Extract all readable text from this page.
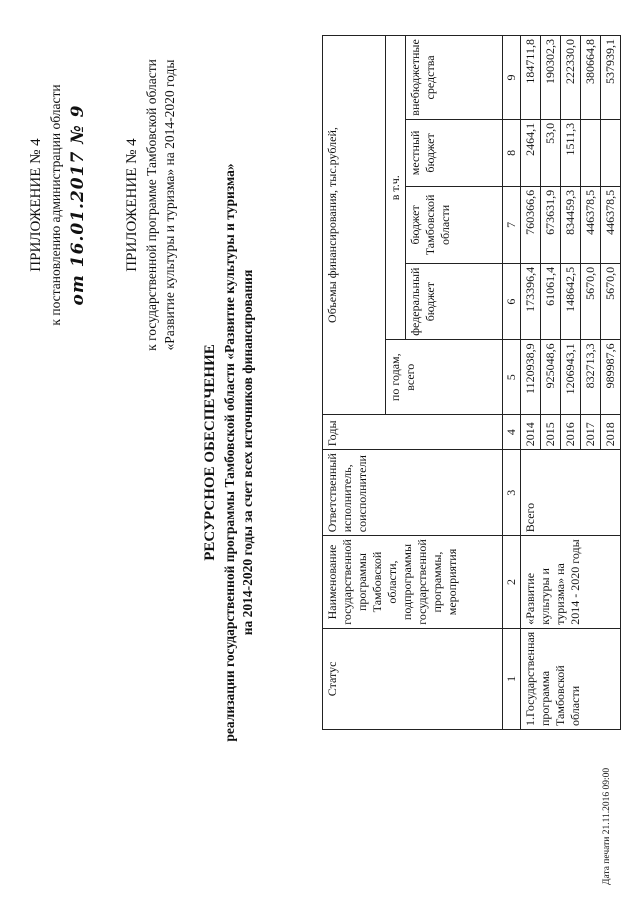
ПРИЛОЖЕНИЕ № 4 к постановлению администрации области от 16.01.2017 № 9 ПРИЛОЖЕНИЕ № 4 к государственной программе Тамбовской области «Развитие культуры и туризма» на 2014-2020 годы
РЕСУРСНОЕ ОБЕСПЕЧЕНИЕ реализации государственной программы Тамбовской области «Развитие культуры и туризма» на 2014-2020 годы за счет всех источников финансирования
Статус	Наименование государственной программы Тамбовской области, подпрограммы государственной программы, мероприятия	Ответственный исполнитель, соисполнители	Годы	Объемы финансирования, тыс.рублей,				

				по годам, всего	в т.ч.			
					федеральный бюджет	бюджет Тамбовской области	местный бюджет	внебюджетные средства
1	2	3	4	5	6	7	8	9
1.Государственная программа Тамбовской области	«Развитие культуры и туризма» на 2014 - 2020 годы	Всего	2014	1120938,9	173396,4	760366,6	2464,1	184711,8
			2015	925048,6	61061,4	673631,9	53,0	190302,3
			2016	1206943,1	148642,5	834459,3	1511,3	222330,0
			2017	832713,3	5670,0	446378,5		380664,8
			2018	989987,6	5670,0	446378,5		537939,1
Дата печати 21.11.2016 09:00
